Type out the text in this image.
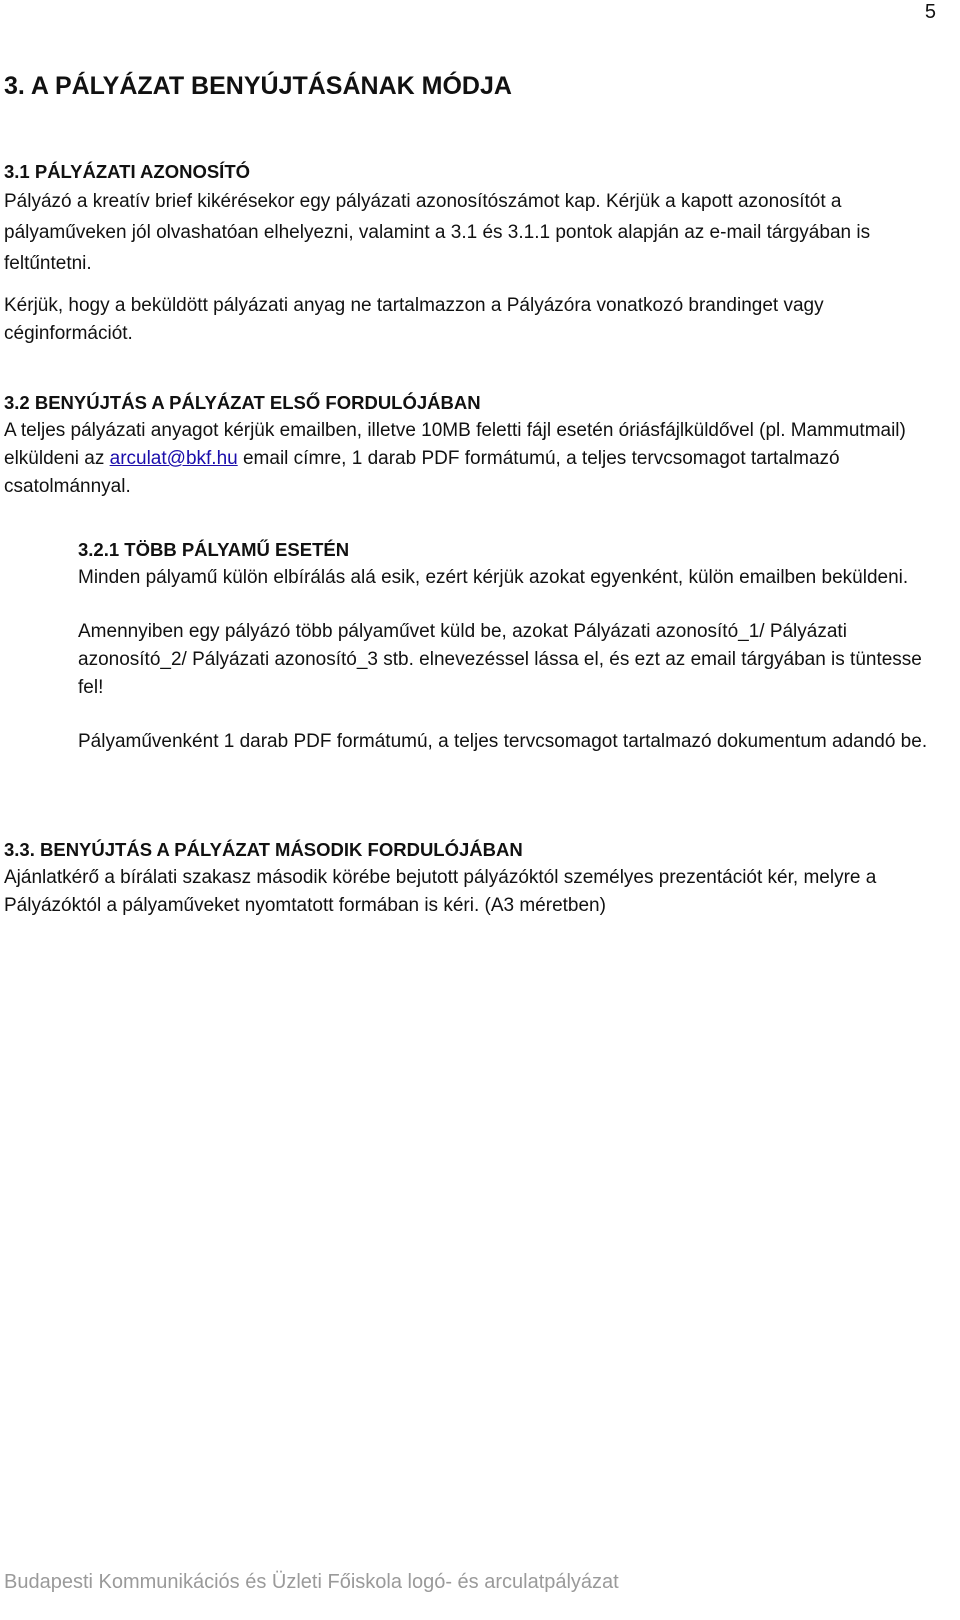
5
3. A PÁLYÁZAT BENYÚJTÁSÁNAK MÓDJA
3.1 PÁLYÁZATI AZONOSÍTÓ

Pályázó a kreatív brief kikérésekor egy pályázati azonosítószámot kap. Kérjük a kapott azonosítót a pályaműveken jól olvashatóan elhelyezni, valamint a 3.1 és 3.1.1 pontok alapján az e-mail tárgyában is feltűntetni.

Kérjük, hogy a beküldött pályázati anyag ne tartalmazzon a Pályázóra vonatkozó brandinget vagy céginformációt.

3.2 BENYÚJTÁS A PÁLYÁZAT ELSŐ FORDULÓJÁBAN

A teljes pályázati anyagot kérjük emailben, illetve 10MB feletti fájl esetén óriásfájlküldővel (pl. Mammutmail) elküldeni az arculat@bkf.hu email címre, 1 darab PDF formátumú, a teljes tervcsomagot tartalmazó csatolmánnyal.

3.2.1 TÖBB PÁLYAMŰ ESETÉN

Minden pályamű külön elbírálás alá esik, ezért kérjük azokat egyenként, külön emailben beküldeni.

Amennyiben egy pályázó több pályaművet küld be, azokat Pályázati azonosító_1/ Pályázati azonosító_2/ Pályázati azonosító_3 stb. elnevezéssel lássa el, és ezt az email tárgyában is tüntesse fel!

Pályaművenként 1 darab PDF formátumú, a teljes tervcsomagot tartalmazó dokumentum adandó be.

3.3. BENYÚJTÁS A PÁLYÁZAT MÁSODIK FORDULÓJÁBAN

Ajánlatkérő a bírálati szakasz második körébe bejutott pályázóktól személyes prezentációt kér, melyre a Pályázóktól a pályaműveket nyomtatott formában is kéri. (A3 méretben)

Budapesti Kommunikációs és Üzleti Főiskola logó- és arculatpályázat
